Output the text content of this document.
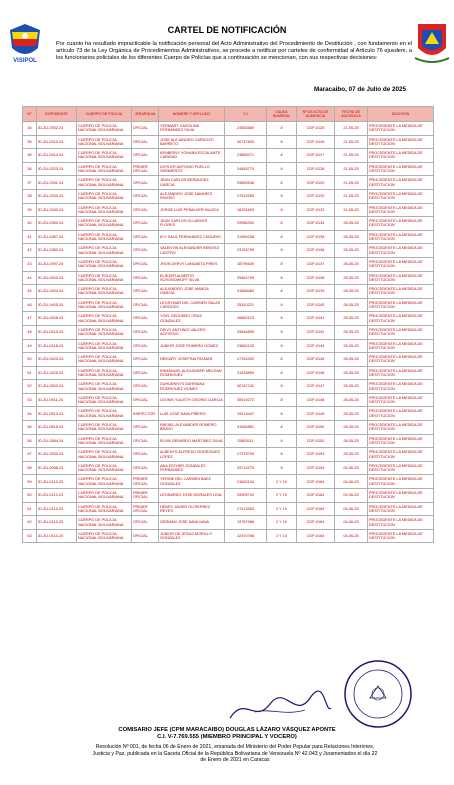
VISIPOL
CARTEL DE NOTIFICACIÓN
Por cuanto ha resultado impracticable la notificación personal del Acto Administrativo del Procedimiento de Destitución , con fundamento en el artículo 73 de la Ley Orgánica de Procedimientos Administrativos, se procede a notificar por carteles de conformidad al Artículo 76 ejusdem, a los funcionarios policiales de los diferentes Cuerpo de Policías que a continuación se mencionan, con sus respectivas decisiones:
Maracaibo, 07 de Julio de 2025
Nº	EXPEDIENTE	CUERPO DE POLICIA	JERARQUIA	NOMBRE Y APELLIDO	C.I	CAUSA NUMERAL	Nº DE ACTA DE AUDIENCIA	FECHA DE AUDIENCIA	DECISION
34	ID-ZU-0302-24	CUERPO DE POLICIA NACIONAL BOLIVARIANA	OFICIAL	YERMARY CAROLINA FERNANDEZ SILVA	24563680	8	CDP-0125	21-05-25	PROCEDENTE LA MEDIDA DE DESTITUCION
35	ID-ZU-0312-24	CUERPO DE POLICIA NACIONAL BOLIVARIANA	OFICIAL	JOSE ALEJANDRO CARDOZO BARRETO	30747830	8	CDP-0126	21-05-25	PROCEDENTE LA MEDIDA DE DESTITUCION
35	ID-ZU-0314-24	CUERPO DE POLICIA NACIONAL BOLIVARIANA	OFICIAL	KENBERLY YOHANA ESCALANTE CARIDAD	23885071	8	CDP-0127	21-05-25	PROCEDENTE LA MEDIDA DE DESTITUCION
36	ID-ZU-0323-24	CUERPO DE POLICIA NACIONAL BOLIVARIANA	PRIMER OFICIAL	DOYLER ANTONIO PUELLO SARMIENTO	24483770	8	CDP-0128	21-05-25	PROCEDENTE LA MEDIDA DE DESTITUCION
37	ID-ZU-0331-24	CUERPO DE POLICIA NACIONAL BOLIVARIANA	OFICIAL	JEAN CARLOS BERMUDEZ GARCIA	29853548	8	CDP-0129	21-05-25	PROCEDENTE LA MEDIDA DE DESTITUCION
38	ID-ZU-0333-24	CUERPO DE POLICIA NACIONAL BOLIVARIANA	OFICIAL	ALEJANDRO JOSE NAVAREZ RIVERO	27910269	8	CDP-0130	21-05-25	PROCEDENTE LA MEDIDA DE DESTITUCION
39	ID-ZU-0340-24	CUERPO DE POLICIA NACIONAL BOLIVARIANA	OFICIAL	JORGE LUIS PEÑALVER MUJICA	16291693	8	CDP-0132	21-05-25	PROCEDENTE LA MEDIDA DE DESTITUCION
40	ID-ZU-0360-24	CUERPO DE POLICIA NACIONAL BOLIVARIANA	OFICIAL	JEAN CARLOS OLLARVES FLORES	29986390	8	CDP-0134	28-05-25	PROCEDENTE LA MEDIDA DE DESTITUCION
41	ID-ZU-0367-24	CUERPO DE POLICIA NACIONAL BOLIVARIANA	OFICIAL	ELY SAUL FERNANDEZ CHOURIO	31989258	8	CDP-0135	28-05-25	PROCEDENTE LA MEDIDA DE DESTITUCION
42	ID-ZU-0389-24	CUERPO DE POLICIA NACIONAL BOLIVARIANA	OFICIAL	VALENTIN ALEXANDER BENITEZ CASTRO	23763799	8	CDP-0136	28-05-25	PROCEDENTE LA MEDIDA DE DESTITUCION
43	ID-ZU-0397-24	CUERPO DE POLICIA NACIONAL BOLIVARIANA	OFICIAL	JHON DERVY LANDAETA PIRES	18795639	8	CDP-0137	28-05-25	PROCEDENTE LA MEDIDA DE DESTITUCION
44	ID-ZU-0402-24	CUERPO DE POLICIA NACIONAL BOLIVARIANA	OFICIAL	ELIEZER ALBERTO SCHONOWOFF SILVA	25462709	8	CDP-0138	28-05-25	PROCEDENTE LA MEDIDA DE DESTITUCION
45	ID-ZU-0404-24	CUERPO DE POLICIA NACIONAL BOLIVARIANA	OFICIAL	ALEJANDRO JOSE MANGA GARCIA	31888484	8	CDP-0139	28-05-25	PROCEDENTE LA MEDIDA DE DESTITUCION
46	ID-ZU-0405-24	CUERPO DE POLICIA NACIONAL BOLIVARIANA	OFICIAL	LEOSYMAR DEL CARMEN SALAS CARDOZO	25310221	8	CDP-0140	28-05-25	PROCEDENTE LA MEDIDA DE DESTITUCION
47	ID-ZU-0408-24	CUERPO DE POLICIA NACIONAL BOLIVARIANA	OFICIAL	YOEL SEGUNDO CRUZ GONZALEZ	26860123	8	CDP-0141	28-05-25	PROCEDENTE LA MEDIDA DE DESTITUCION
48	ID-ZU-0413-24	CUERPO DE POLICIA NACIONAL BOLIVARIANA	OFICIAL	DEIVY ANTONIO VALERO ACEVEDO	29646895	8	CDP-0142	28-05-25	PROCEDENTE LA MEDIDA DE DESTITUCION
49	ID-ZU-0418-24	CUERPO DE POLICIA NACIONAL BOLIVARIANA	OFICIAL	JUNIOR JOSE ROMERO GOMEZ	23860132	8	CDP-0144	28-05-25	PROCEDENTE LA MEDIDA DE DESTITUCION
50	ID-ZU-0423-24	CUERPO DE POLICIA NACIONAL BOLIVARIANA	OFICIAL	NEIKARY JOSEFINA PALMAR	27154329	8	CDP-0145	28-05-25	PROCEDENTE LA MEDIDA DE DESTITUCION
51	ID-ZU-0425-24	CUERPO DE POLICIA NACIONAL BOLIVARIANA	OFICIAL	ENMANUEL ALEXANDER MELEAN RODRIGUEZ	31933859	8	CDP-0146	28-05-25	PROCEDENTE LA MEDIDA DE DESTITUCION
52	ID-ZU-0509-24	CUERPO DE POLICIA NACIONAL BOLIVARIANA	OFICIAL	DUHUENNYS DAHRIANA RODRIGUEZ GOMEZ	30787242	8	CDP-0147	28-05-25	PROCEDENTE LA MEDIDA DE DESTITUCION
53	ID-ZU-0511-24	CUERPO DE POLICIA NACIONAL BOLIVARIANA	OFICIAL	LEONIS YULIETH OSORIO GARCIA	30519272	8	CDP-0148	28-05-25	PROCEDENTE LA MEDIDA DE DESTITUCION
54	ID-ZU-0513-24	CUERPO DE POLICIA NACIONAL BOLIVARIANA	INSPECTOR	LUIS JOSE NAVA PIÑERO	19214047	8	CDP-0149	28-05-25	PROCEDENTE LA MEDIDA DE DESTITUCION
55	ID-ZU-0515-24	CUERPO DE POLICIA NACIONAL BOLIVARIANA	OFICIAL	RAFAEL ALEXANDER ROMERO BRAVO	31084851	8	CDP-0150	28-05-25	PROCEDENTE LA MEDIDA DE DESTITUCION
56	ID-ZU-0584-24	CUERPO DE POLICIA NACIONAL BOLIVARIANA	OFICIAL	ELVIN GERARDO MARTINEZ SILVA	25803111	8	CDP-0152	28-05-25	PROCEDENTE LA MEDIDA DE DESTITUCION
57	ID-ZU-0332-24	CUERPO DE POLICIA NACIONAL BOLIVARIANA	OFICIAL	ALBENYS ALFREDO RODRIGUEZ LOPEZ	27378700	8	CDP-0153	28-05-25	PROCEDENTE LA MEDIDA DE DESTITUCION
58	ID-ZU-0068-24	CUERPO DE POLICIA NACIONAL BOLIVARIANA	OFICIAL	ANA ESTHER GONZALEZ FERNANDEZ	29714279	8	CDP-0154	04-06-25	PROCEDENTE LA MEDIDA DE DESTITUCION
59	ID-ZU-0113-23	CUERPO DE POLICIA NACIONAL BOLIVARIANA	PRIMER OFICIAL	YERINE DEL CARMEN BAEZ GONZALEZ	21692134	2 Y 13	CDP-0164	04-06-25	PROCEDENTE LA MEDIDA DE DESTITUCION
60	ID-ZU-0113-23	CUERPO DE POLICIA NACIONAL BOLIVARIANA	PRIMER OFICIAL	LEONARDO JOSE MORALES LEAL	25905702	2 Y 13	CDP-0164	04-06-25	PROCEDENTE LA MEDIDA DE DESTITUCION
61	ID-ZU-0113-23	CUERPO DE POLICIA NACIONAL BOLIVARIANA	PRIMER OFICIAL	HENRY JAVIER GUTIERREZ REYES	27413353	2 Y 13	CDP-0164	04-06-25	PROCEDENTE LA MEDIDA DE DESTITUCION
62	ID-ZU-0113-23	CUERPO DE POLICIA NACIONAL BOLIVARIANA	OFICIAL	GERMAN JOSE NAVA NAVA	19767986	2 Y 13	CDP-0164	04-06-25	PROCEDENTE LA MEDIDA DE DESTITUCION
63	ID-ZU-0113-23	CUERPO DE POLICIA NACIONAL BOLIVARIANA	OFICIAL	JUNIOR DE JESUS MORILLO GONZALEZ	22470768	2 Y 13	CDP-0164	04-06-25	PROCEDENTE LA MEDIDA DE DESTITUCION
COMISARIO JEFE (CPM MARACAIBO) DOUGLAS LÁZARO VÁSQUEZ APONTE
C.I. V-7.769.555 (MIEMBRO PRINCIPAL Y VOCERO)
Resolución Nº 001, de fecha 06 de Enero de 2021, emanada del Ministerio del Poder Popular para Relaciones Interiores, Justicia y Paz, publicada en la Gaceta Oficial de la República Bolivariana de Venezuela Nº 42.043 y Juramentados el día 22 de Enero de 2021 en Caracas
